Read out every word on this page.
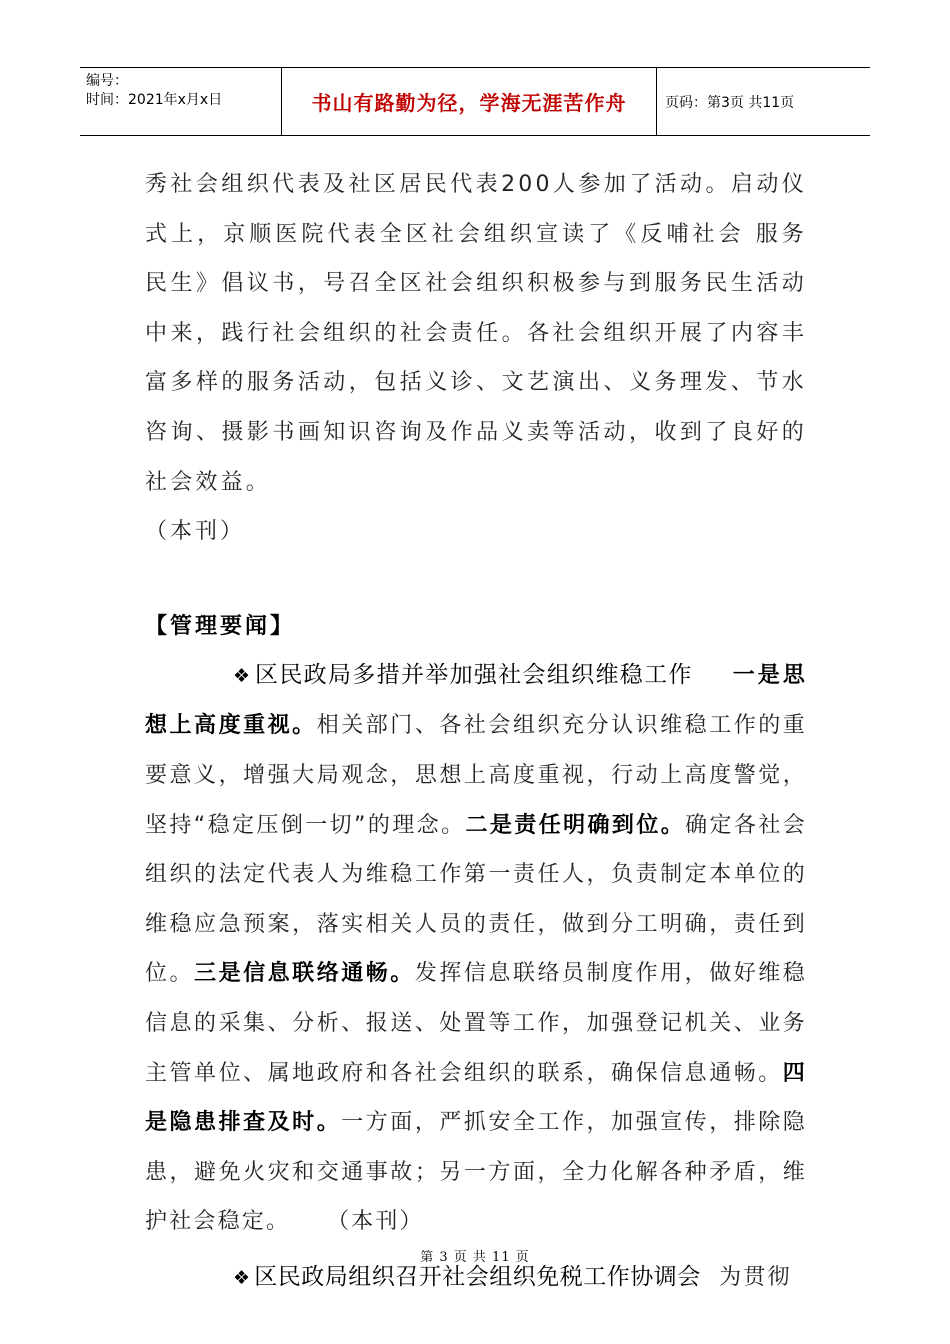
编号：
时间：2021年x月x日	书山有路勤为径，学海无涯苦作舟	页码：第3页 共11页

秀社会组织代表及社区居民代表200人参加了活动。启动仪式上，京顺医院代表全区社会组织宣读了《反哺社会 服务民生》倡议书，号召全区社会组织积极参与到服务民生活动中来，践行社会组织的社会责任。各社会组织开展了内容丰富多样的服务活动，包括义诊、文艺演出、义务理发、节水咨询、摄影书画知识咨询及作品义卖等活动，收到了良好的社会效益。

（本刊）

【管理要闻】

❖区民政局多措并举加强社会组织维稳工作 一是思想上高度重视。相关部门、各社会组织充分认识维稳工作的重要意义，增强大局观念，思想上高度重视，行动上高度警觉，坚持“稳定压倒一切”的理念。二是责任明确到位。确定各社会组织的法定代表人为维稳工作第一责任人，负责制定本单位的维稳应急预案，落实相关人员的责任，做到分工明确，责任到位。三是信息联络通畅。发挥信息联络员制度作用，做好维稳信息的采集、分析、报送、处置等工作，加强登记机关、业务主管单位、属地政府和各社会组织的联系，确保信息通畅。四是隐患排查及时。一方面，严抓安全工作，加强宣传，排除隐患，避免火灾和交通事故；另一方面，全力化解各种矛盾，维护社会稳定。 （本刊）

❖区民政局组织召开社会组织免税工作协调会 为贯彻

第 3 页 共 11 页
